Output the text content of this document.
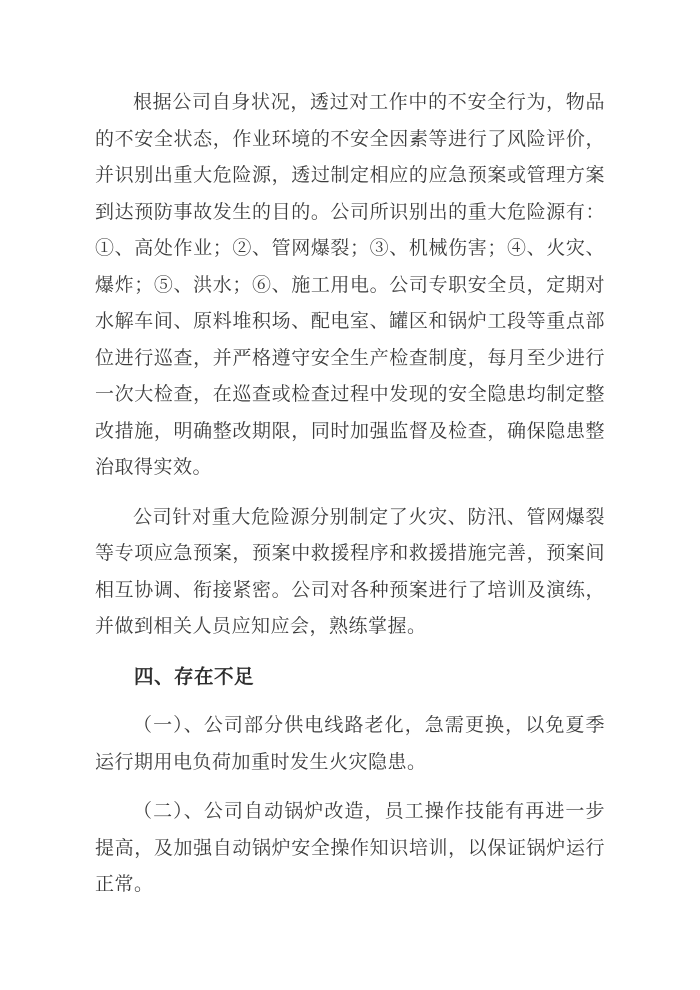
根据公司自身状况，透过对工作中的不安全行为，物品的不安全状态，作业环境的不安全因素等进行了风险评价，并识别出重大危险源，透过制定相应的应急预案或管理方案到达预防事故发生的目的。公司所识别出的重大危险源有：①、高处作业；②、管网爆裂；③、机械伤害；④、火灾、爆炸；⑤、洪水；⑥、施工用电。公司专职安全员，定期对水解车间、原料堆积场、配电室、罐区和锅炉工段等重点部位进行巡查，并严格遵守安全生产检查制度，每月至少进行一次大检查，在巡查或检查过程中发现的安全隐患均制定整改措施，明确整改期限，同时加强监督及检查，确保隐患整治取得实效。

公司针对重大危险源分别制定了火灾、防汛、管网爆裂等专项应急预案，预案中救援程序和救援措施完善，预案间相互协调、衔接紧密。公司对各种预案进行了培训及演练，并做到相关人员应知应会，熟练掌握。

四、存在不足

（一）、公司部分供电线路老化，急需更换，以免夏季运行期用电负荷加重时发生火灾隐患。

（二）、公司自动锅炉改造，员工操作技能有再进一步提高，及加强自动锅炉安全操作知识培训，以保证锅炉运行正常。
